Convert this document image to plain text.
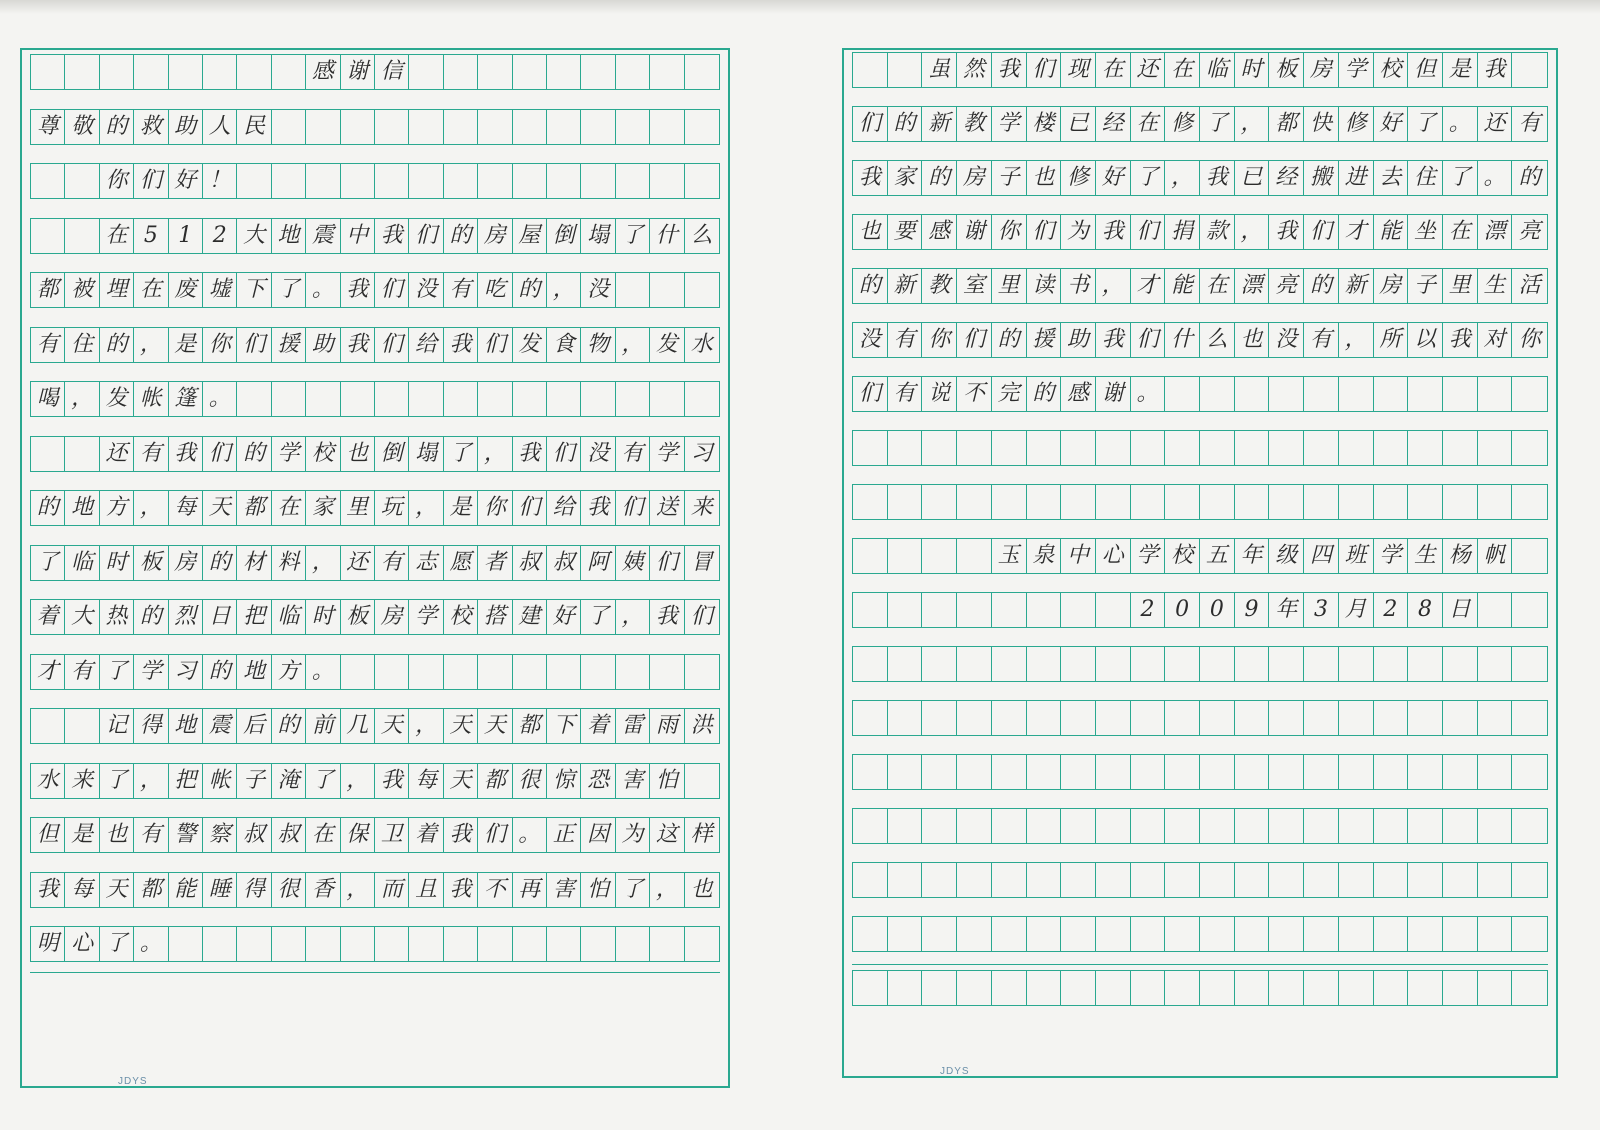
感 谢 信
尊 敬 的 救 助 人 民
你 们 好 ！
在 5 1 2 大 地 震 中 我 们 的 房 屋 倒 塌 了 什 么
都 被 埋 在 废 墟 下 了 。 我 们 没 有 吃 的 ， 没
有 住 的 ， 是 你 们 援 助 我 们 给 我 们 发 食 物 ， 发 水
喝 ， 发 帐 篷 。
还 有 我 们 的 学 校 也 倒 塌 了 ， 我 们 没 有 学 习
的 地 方 ， 每 天 都 在 家 里 玩 ， 是 你 们 给 我 们 送 来
了 临 时 板 房 的 材 料 ， 还 有 志 愿 者 叔 叔 阿 姨 们 冒
着 大 热 的 烈 日 把 临 时 板 房 学 校 搭 建 好 了 ， 我 们
才 有 了 学 习 的 地 方 。
记 得 地 震 后 的 前 几 天 ， 天 天 都 下 着 雷 雨 洪
水 来 了 ， 把 帐 子 淹 了 ， 我 每 天 都 很 惊 恐 害 怕
但 是 也 有 警 察 叔 叔 在 保 卫 着 我 们 。 正 因 为 这 样
我 每 天 都 能 睡 得 很 香 ， 而 且 我 不 再 害 怕 了 ， 也
明 心 了 。
虽 然 我 们 现 在 还 在 临 时 板 房 学 校 但 是 我
们 的 新 教 学 楼 已 经 在 修 了 ， 都 快 修 好 了 。 还 有
我 家 的 房 子 也 修 好 了 ， 我 已 经 搬 进 去 住 了 。 的
也 要 感 谢 你 们 为 我 们 捐 款 ， 我 们 才 能 坐 在 漂 亮
的 新 教 室 里 读 书 ， 才 能 在 漂 亮 的 新 房 子 里 生 活
没 有 你 们 的 援 助 我 们 什 么 也 没 有 ， 所 以 我 对 你
们 有 说 不 完 的 感 谢 。
玉 泉 中 心 学 校 五 年 级 四 班 学 生 杨 帆
2 0 0 9 年 3 月 2 8 日
JDYS
JDYS
